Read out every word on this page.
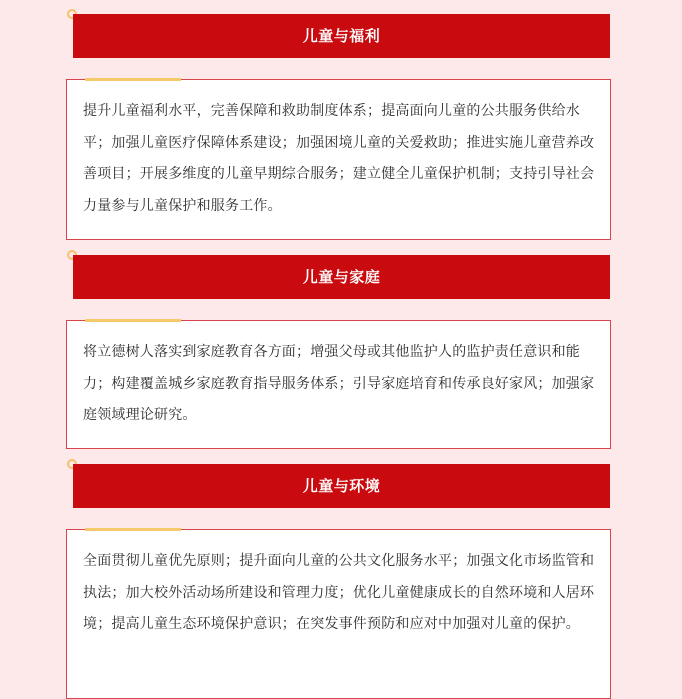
儿童与福利
提升儿童福利水平，完善保障和救助制度体系；提高面向儿童的公共服务供给水平；加强儿童医疗保障体系建设；加强困境儿童的关爱救助；推进实施儿童营养改善项目；开展多维度的儿童早期综合服务；建立健全儿童保护机制；支持引导社会力量参与儿童保护和服务工作。
儿童与家庭
将立德树人落实到家庭教育各方面；增强父母或其他监护人的监护责任意识和能力；构建覆盖城乡家庭教育指导服务体系；引导家庭培育和传承良好家风；加强家庭领域理论研究。
儿童与环境
全面贯彻儿童优先原则；提升面向儿童的公共文化服务水平；加强文化市场监管和执法；加大校外活动场所建设和管理力度；优化儿童健康成长的自然环境和人居环境；提高儿童生态环境保护意识；在突发事件预防和应对中加强对儿童的保护。
